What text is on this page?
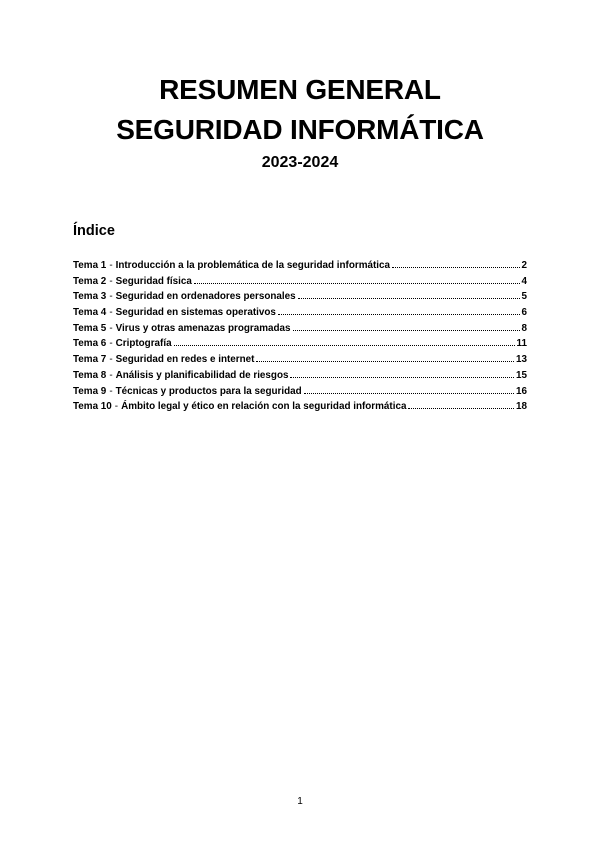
RESUMEN GENERAL
SEGURIDAD INFORMÁTICA

2023-2024

Índice
Tema 1 - Introducción a la problemática de la seguridad informática	2
Tema 2 - Seguridad física	4
Tema 3 - Seguridad en ordenadores personales	5
Tema 4 - Seguridad en sistemas operativos	6
Tema 5 - Virus y otras amenazas programadas	8
Tema 6 - Criptografía	11
Tema 7 - Seguridad en redes e internet	13
Tema 8 - Análisis y planificabilidad de riesgos	15
Tema 9 - Técnicas y productos para la seguridad	16
Tema 10 - Ámbito legal y ético en relación con la seguridad informática	18

1
